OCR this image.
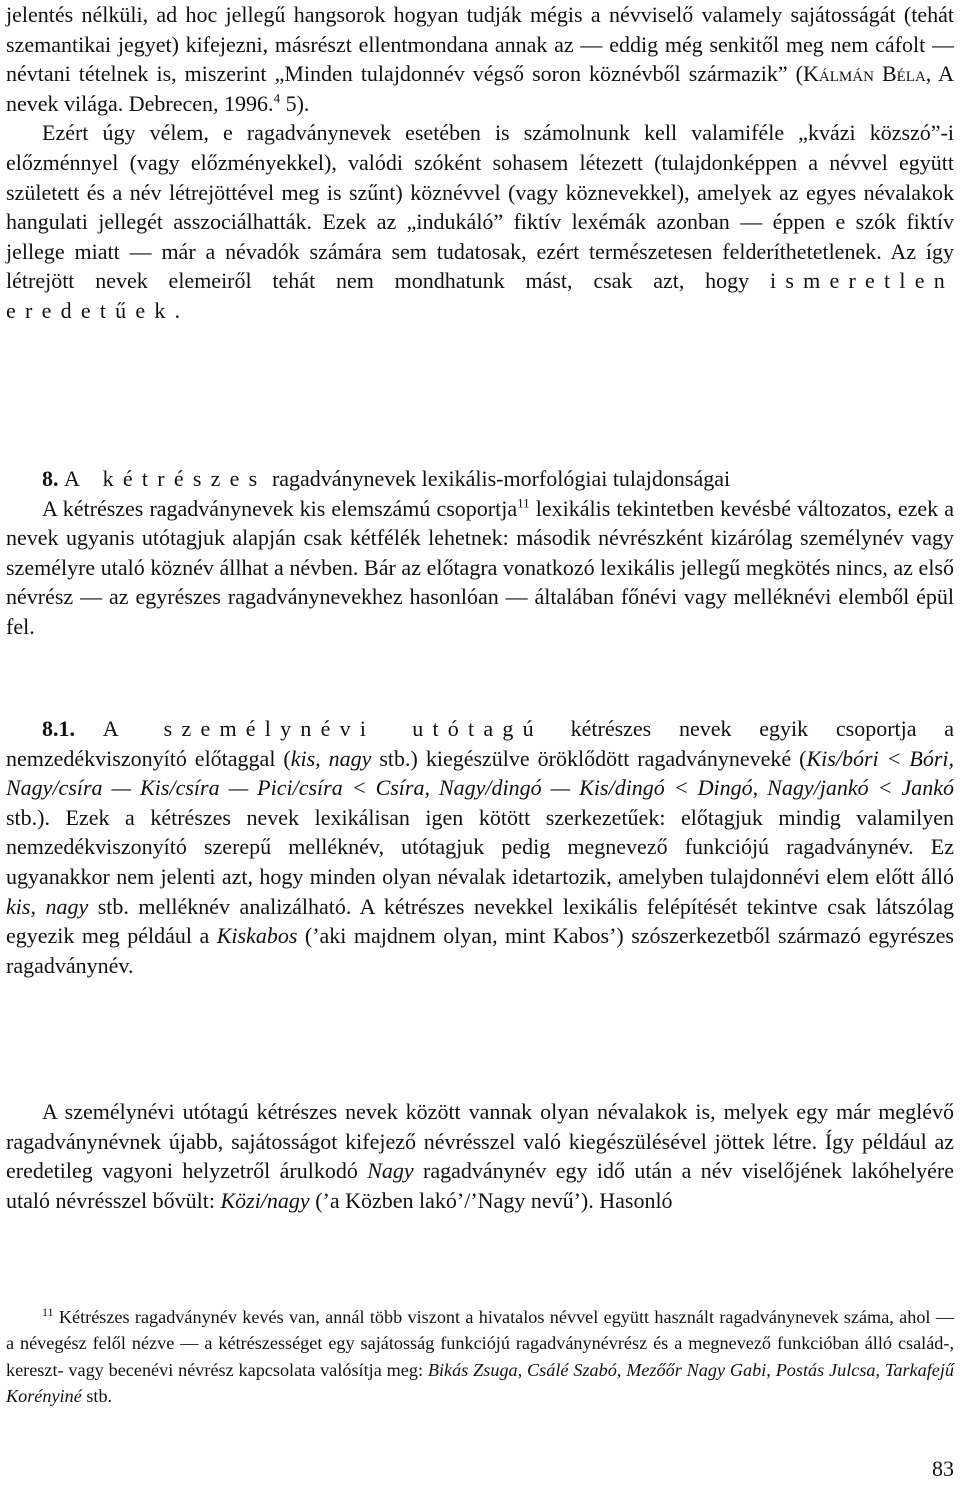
jelentés nélküli, ad hoc jellegű hangsorok hogyan tudják mégis a névviselő valamely sajátosságát (tehát szemantikai jegyet) kifejezni, másrészt ellentmondana annak az — eddig még senkitől meg nem cáfolt — névtani tételnek is, miszerint „Minden tulajdonnév végső soron köznévből származik” (Kálmán Béla, A nevek világa. Debrecen, 1996.$^4$ 5).

Ezért úgy vélem, e ragadványnevek esetében is számolnunk kell valamiféle „kvázi közszó”-i előzménnyel (vagy előzményekkel), valódi szóként sohasem létezett (tulajdonképpen a névvel együtt született és a név létrejöttével meg is szűnt) köznévvel (vagy köznevekkel), amelyek az egyes névalakok hangulati jellegét asszociálhatták. Ezek az „indukáló” fiktív lexémák azonban — éppen e szók fiktív jellege miatt — már a névadók számára sem tudatosak, ezért természetesen felderíthetetlenek. Az így létrejött nevek elemeiről tehát nem mondhatunk mást, csak azt, hogy ismeretlen eredetűek.

8. A kétrészes ragadványnevek lexikális-morfológiai tulajdonságai

A kétrészes ragadványnevek kis elemszámú csoportja$^{11}$ lexikális tekintetben kevésbé változatos, ezek a nevek ugyanis utótagjuk alapján csak kétfélék lehetnek: második névrészként kizárólag személynév vagy személyre utaló köznév állhat a névben. Bár az előtagra vonatkozó lexikális jellegű megkötés nincs, az első névrész — az egyrészes ragadványnevekhez hasonlóan — általában főnévi vagy melléknévi elemből épül fel.

8.1. A személynévi utótagú kétrészes nevek egyik csoportja a nemzedékviszonyító előtaggal (kis, nagy stb.) kiegészülve öröklődött ragadványneveké (Kis/bóri < Bóri, Nagy/csíra — Kis/csíra — Pici/csíra < Csíra, Nagy/dingó — Kis/dingó < Dingó, Nagy/jankó < Jankó stb.). Ezek a kétrészes nevek lexikálisan igen kötött szerkezetűek: előtagjuk mindig valamilyen nemzedékviszonyító szerepű melléknév, utótagjuk pedig megnevező funkciójú ragadványnév. Ez ugyanakkor nem jelenti azt, hogy minden olyan névalak idetartozik, amelyben tulajdonnévi elem előtt álló kis, nagy stb. melléknév analizálható. A kétrészes nevekkel lexikális felépítését tekintve csak látszólag egyezik meg például a Kiskabos (’aki majdnem olyan, mint Kabos’) szószerkezetből származó egyrészes ragadványnév.

A személynévi utótagú kétrészes nevek között vannak olyan névalakok is, melyek egy már meglévő ragadványnévnek újabb, sajátosságot kifejező névrésszel való kiegészülésével jöttek létre. Így például az eredetileg vagyoni helyzetről árulkodó Nagy ragadványnév egy idő után a név viselőjének lakóhelyére utaló névrésszel bővült: Közi/nagy (’a Közben lakó’/’Nagy nevű’). Hasonló

$^{11}$ Kétrészes ragadványnév kevés van, annál több viszont a hivatalos névvel együtt használt ragadványnevek száma, ahol — a névegész felől nézve — a kétrészességet egy sajátosság funkciójú ragadványnévrész és a megnevező funkcióban álló család-, kereszt- vagy becenévi névrész kapcsolata valósítja meg: Bikás Zsuga, Csálé Szabó, Mezőőr Nagy Gabi, Postás Julcsa, Tarkafejű Korényiné stb.

83
